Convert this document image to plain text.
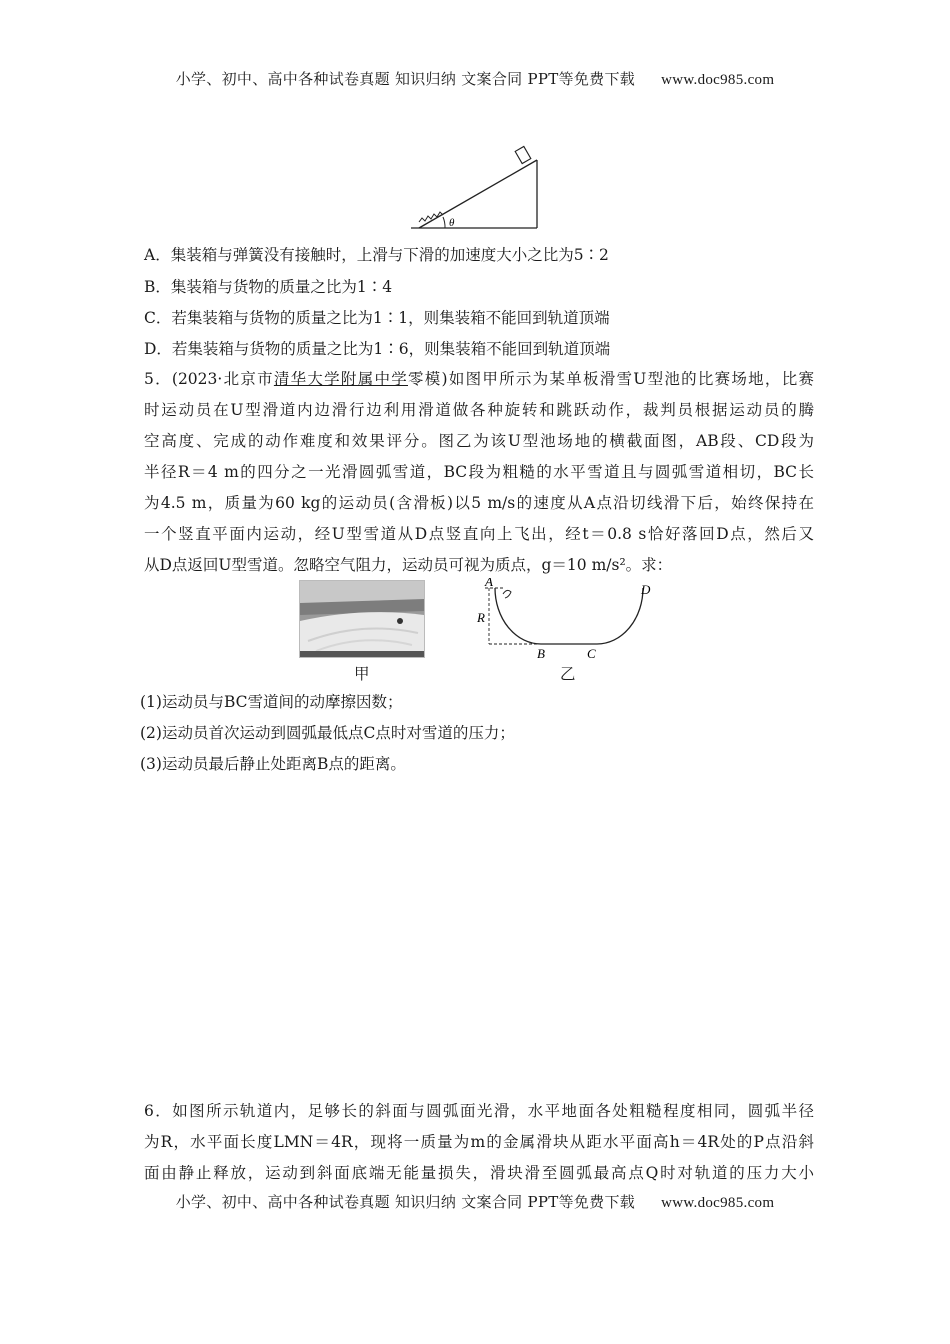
小学、初中、高中各种试卷真题 知识归纳 文案合同 PPT等免费下载 www.doc985.com
θ
A．集装箱与弹簧没有接触时，上滑与下滑的加速度大小之比为5∶2
B．集装箱与货物的质量之比为1∶4
C．若集装箱与货物的质量之比为1∶1，则集装箱不能回到轨道顶端
D．若集装箱与货物的质量之比为1∶6，则集装箱不能回到轨道顶端
5．(2023·北京市清华大学附属中学零模)如图甲所示为某单板滑雪U型池的比赛场地，比赛
时运动员在U型滑道内边滑行边利用滑道做各种旋转和跳跃动作，裁判员根据运动员的腾
空高度、完成的动作难度和效果评分。图乙为该U型池场地的横截面图，AB段、CD段为
半径R＝4 m的四分之一光滑圆弧雪道，BC段为粗糙的水平雪道且与圆弧雪道相切，BC长
为4.5 m，质量为60 kg的运动员(含滑板)以5 m/s的速度从A点沿切线滑下后，始终保持在
一个竖直平面内运动，经U型雪道从D点竖直向上飞出，经t＝0.8 s恰好落回D点，然后又
从D点返回U型雪道。忽略空气阻力，运动员可视为质点，g＝10 m/s²。求：
甲
A
R
B	C
D
乙
(1)运动员与BC雪道间的动摩擦因数；
(2)运动员首次运动到圆弧最低点C点时对雪道的压力；
(3)运动员最后静止处距离B点的距离。
6．如图所示轨道内，足够长的斜面与圆弧面光滑，水平地面各处粗糙程度相同，圆弧半径
为R，水平面长度LMN＝4R，现将一质量为m的金属滑块从距水平面高h＝4R处的P点沿斜
面由静止释放，运动到斜面底端无能量损失，滑块滑至圆弧最高点Q时对轨道的压力大小
小学、初中、高中各种试卷真题 知识归纳 文案合同 PPT等免费下载 www.doc985.com
